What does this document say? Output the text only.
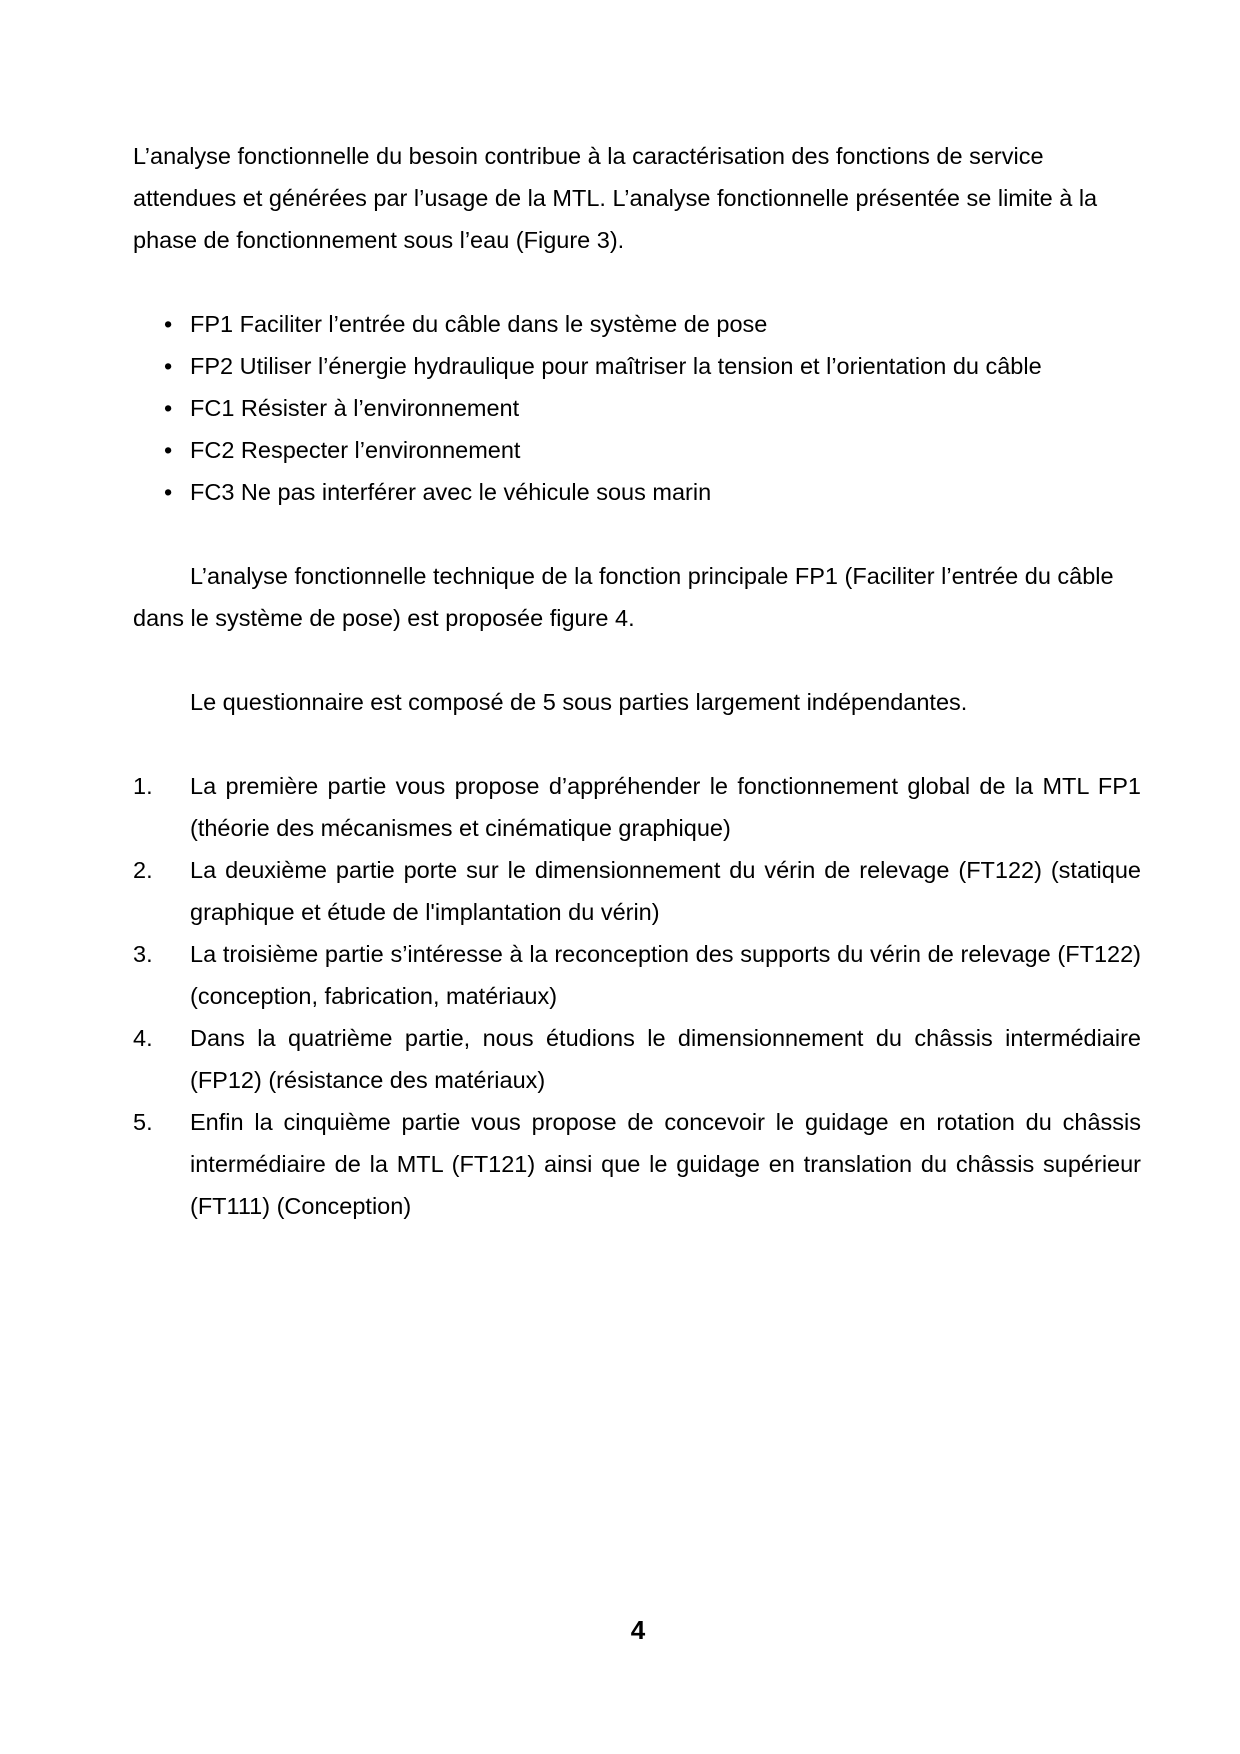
L’analyse fonctionnelle du besoin contribue à la caractérisation des fonctions de service attendues et générées par l’usage de la MTL. L’analyse fonctionnelle présentée se limite à la phase de fonctionnement sous l’eau (Figure 3).

• FP1 Faciliter l’entrée du câble dans le système de pose
• FP2 Utiliser l’énergie hydraulique pour maîtriser la tension et l’orientation du câble
• FC1 Résister à l’environnement
• FC2 Respecter l’environnement
• FC3 Ne pas interférer avec le véhicule sous marin

L’analyse fonctionnelle technique de la fonction principale FP1 (Faciliter l’entrée du câble dans le système de pose) est proposée figure 4.

Le questionnaire est composé de 5 sous parties largement indépendantes.

1. La première partie vous propose d’appréhender le fonctionnement global de la MTL FP1 (théorie des mécanismes et cinématique graphique)
2. La deuxième partie porte sur le dimensionnement du vérin de relevage (FT122) (statique graphique et étude de l'implantation du vérin)
3. La troisième partie s’intéresse à la reconception des supports du vérin de relevage (FT122) (conception, fabrication, matériaux)
4. Dans la quatrième partie, nous étudions le dimensionnement du châssis intermédiaire (FP12) (résistance des matériaux)
5. Enfin la cinquième partie vous propose de concevoir le guidage en rotation du châssis intermédiaire de la MTL (FT121) ainsi que le guidage en translation du châssis supérieur (FT111) (Conception)
4
